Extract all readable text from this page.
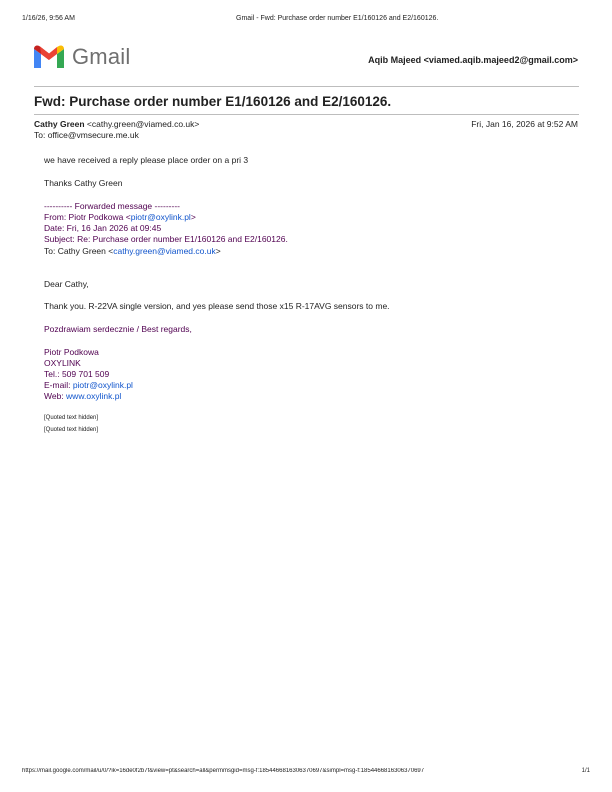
1/16/26, 9:56 AM	Gmail - Fwd: Purchase order number E1/160126 and E2/160126.
Gmail	Aqib Majeed <viamed.aqib.majeed2@gmail.com>
Fwd: Purchase order number E1/160126 and E2/160126.
Cathy Green <cathy.green@viamed.co.uk>	Fri, Jan 16, 2026 at 9:52 AM
To: office@vmsecure.me.uk
we have received a reply please place order on a pri 3
Thanks Cathy Green
---------- Forwarded message ---------
From: Piotr Podkowa <piotr@oxylink.pl>
Date: Fri, 16 Jan 2026 at 09:45
Subject: Re: Purchase order number E1/160126 and E2/160126.
To: Cathy Green <cathy.green@viamed.co.uk>
Dear Cathy,
Thank you. R-22VA single version, and yes please send those x15 R-17AVG sensors to me.
Pozdrawiam serdecznie / Best regards,
Piotr Podkowa
OXYLINK
Tel.: 509 701 509
E-mail: piotr@oxylink.pl
Web: www.oxylink.pl
[Quoted text hidden]
[Quoted text hidden]
https://mail.google.com/mail/u/0/?ik=16de0f2b7f&view=pt&search=all&permmsgid=msg-f:1854466816306370697&simpl=msg-f:1854466816306370697	1/1
